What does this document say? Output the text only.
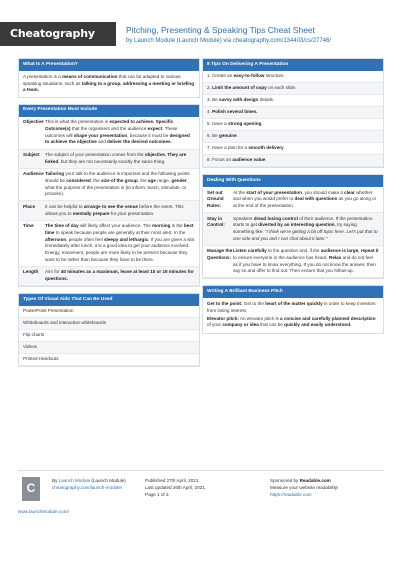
Cheatography	Pitching, Presenting & Speaking Tips Cheat Sheet
by Launch Module (Launch Module) via cheatography.com/134403/cs/27746/
What Is A Presentation?
A presentation is a means of communication that can be adapted to various speaking situations, such as talking to a group, addressing a meeting or briefing a team.
Every Presentation Must Include
Objective This is what the presentation is expected to achieve. Specific Outcome(s) that the organisers and the audience expect. These outcomes will shape your presentation, because it must be designed to achieve the objective and deliver the desired outcomes.
Subject	The subject of your presentation comes from the objective. They are linked, but they are not necessarily exactly the same thing.
Audience Tailoring your talk to the audience is important and the following points should be considered; the size of the group, the age range, gender, what the purpose of the presentation is (to inform, teach, stimulate, or provoke).
Place	It can be helpful to arrange to see the venue before the event. This allows you to mentally prepare for your presentation.
Time	The time of day will likely affect your audience. The morning is the best time to speak because people are generally at their most alert. In the afternoon, people often feel sleepy and lethargic. If you are given a slot immediately after lunch, it is a good idea to get your audience involved. Energy, movement, people are more likely to be present because they want to be rather than because they have to be there.
Length	Aim for 40 minutes as a maximum, leave at least 10 or 15 minutes for questions.
Types Of Visual Aids That Can Be Used
PowerPoint Presentation
Whiteboards and interactive whiteboards
Flip charts
Videos
Printed Handouts
8 Tips On Delivering A Presentation
1. Create an easy-to-follow structure.
2. Limit the amount of copy on each slide.
3. Be savvy with design details.
4. Polish several times.
5. Have a strong opening.
6. Be genuine.
7. Have a plan for a smooth delivery.
8. Focus on audience value.
Dealing With Questions
Set out Ground Rules:
At the start of your presentation, you should make it clear whether and when you would prefer to deal with questions as you go along or at the end of the presentation.
Stay in Control:
Speakers dread losing control of their audience. If the presentation starts to get diverted by an interesting question, try saying something like: "I think we're getting a bit off topic here. Let's put that to one side and you and I can chat about it later."
Manage the Questions:
Listen carefully to the question and, if the audience is large, repeat it to ensure everyone in the audience has heard. Relax and do not feel as if you have to know everything. If you do not know the answer, then say so and offer to find out. Then ensure that you follow-up.
Writing A Brilliant Business Pitch
Get to the point: Get to the heart of the matter quickly in order to keep investors from losing interest.
Elevator pitch: An elevator pitch is a concise and carefully planned description of your company or idea that can be quickly and easily understood.
C
By Launch Module (Launch Module)
cheatography.com/launch-module/
Published 27th April, 2021.
Last updated 26th April, 2021.
Page 1 of 2.
Sponsored by Readable.com
Measure your website readability!
https://readable.com
www.launchmodule.com/
